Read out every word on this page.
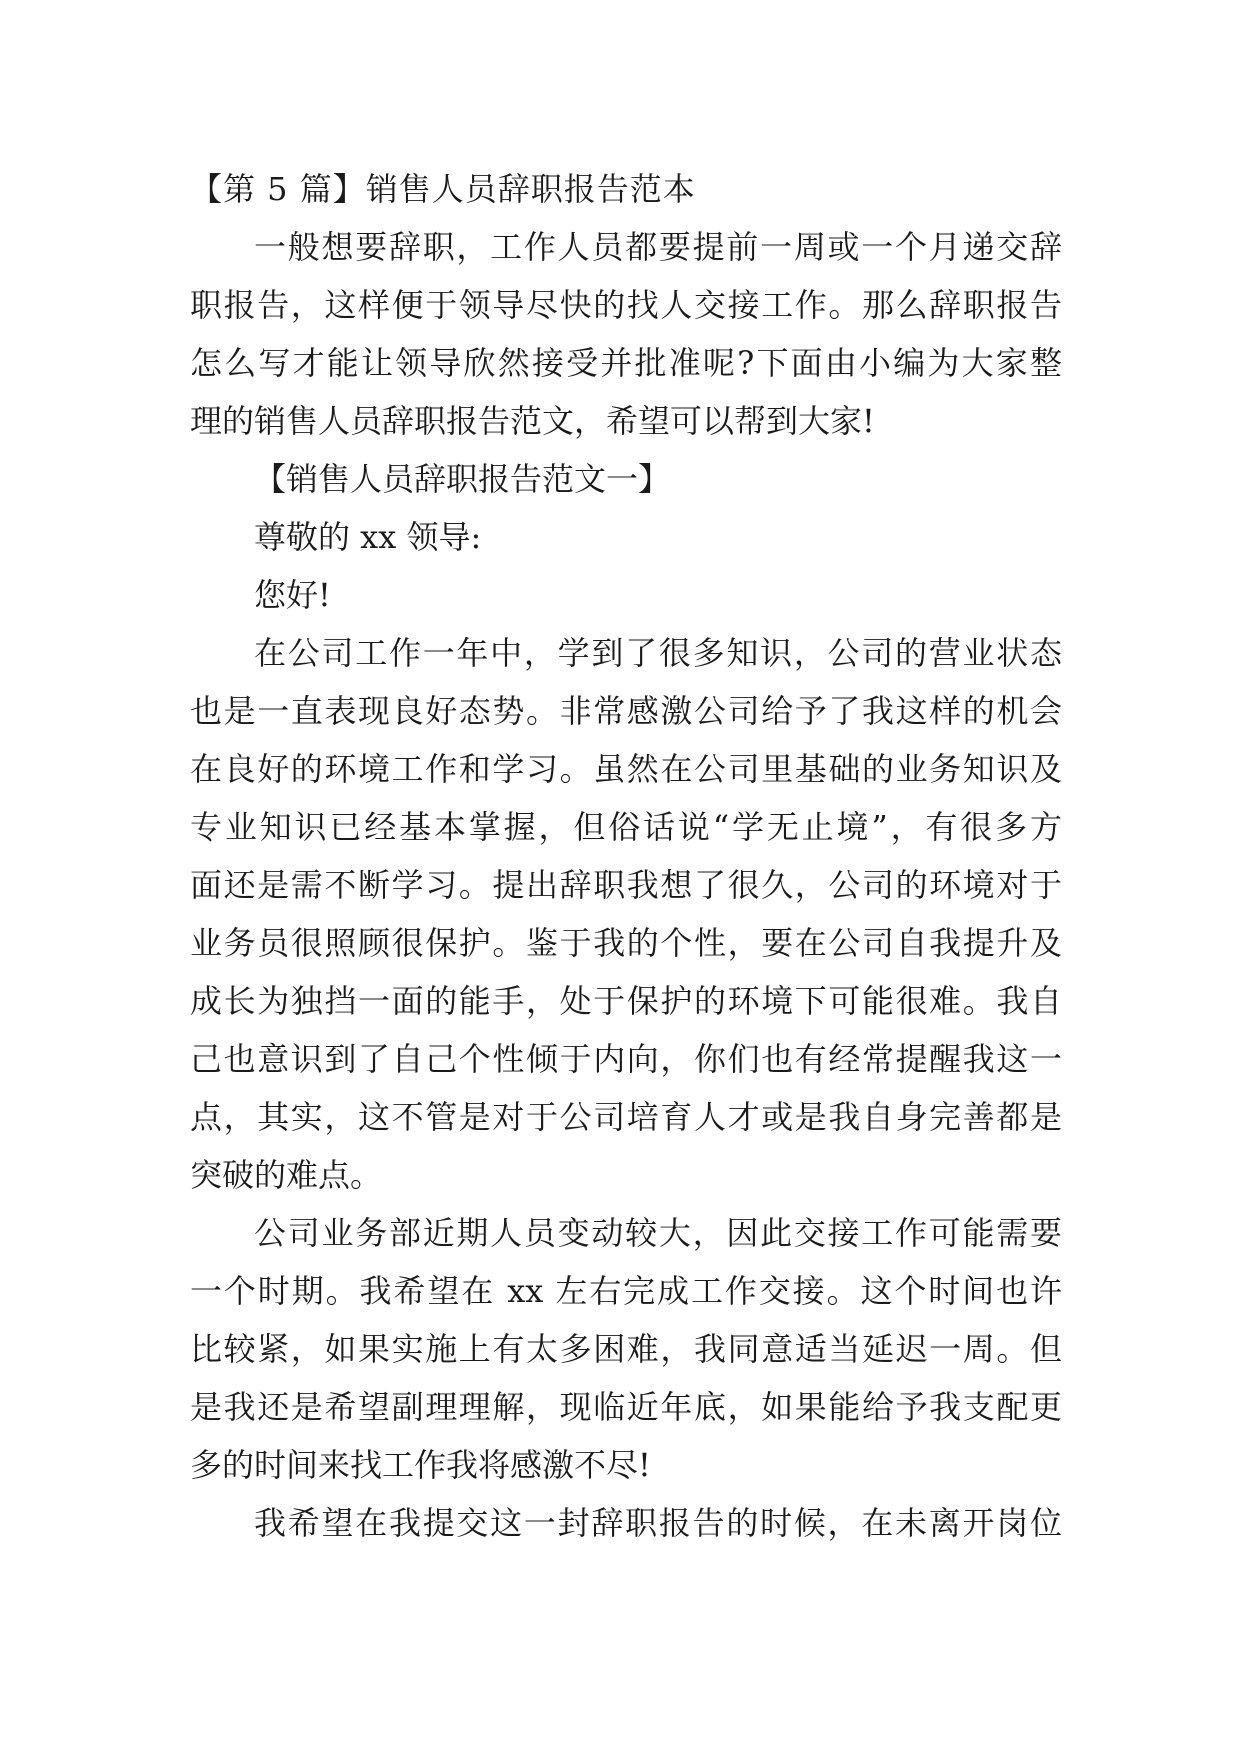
【第 5 篇】销售人员辞职报告范本
一般想要辞职，工作人员都要提前一周或一个月递交辞
职报告，这样便于领导尽快的找人交接工作。那么辞职报告
怎么写才能让领导欣然接受并批准呢?下面由小编为大家整
理的销售人员辞职报告范文，希望可以帮到大家!
【销售人员辞职报告范文一】
尊敬的 xx 领导:
您好!
在公司工作一年中，学到了很多知识，公司的营业状态
也是一直表现良好态势。非常感激公司给予了我这样的机会
在良好的环境工作和学习。虽然在公司里基础的业务知识及
专业知识已经基本掌握，但俗话说“学无止境”，有很多方
面还是需不断学习。提出辞职我想了很久，公司的环境对于
业务员很照顾很保护。鉴于我的个性，要在公司自我提升及
成长为独挡一面的能手，处于保护的环境下可能很难。我自
己也意识到了自己个性倾于内向，你们也有经常提醒我这一
点，其实，这不管是对于公司培育人才或是我自身完善都是
突破的难点。
公司业务部近期人员变动较大，因此交接工作可能需要
一个时期。我希望在 xx 左右完成工作交接。这个时间也许
比较紧，如果实施上有太多困难，我同意适当延迟一周。但
是我还是希望副理理解，现临近年底，如果能给予我支配更
多的时间来找工作我将感激不尽!
我希望在我提交这一封辞职报告的时候，在未离开岗位
